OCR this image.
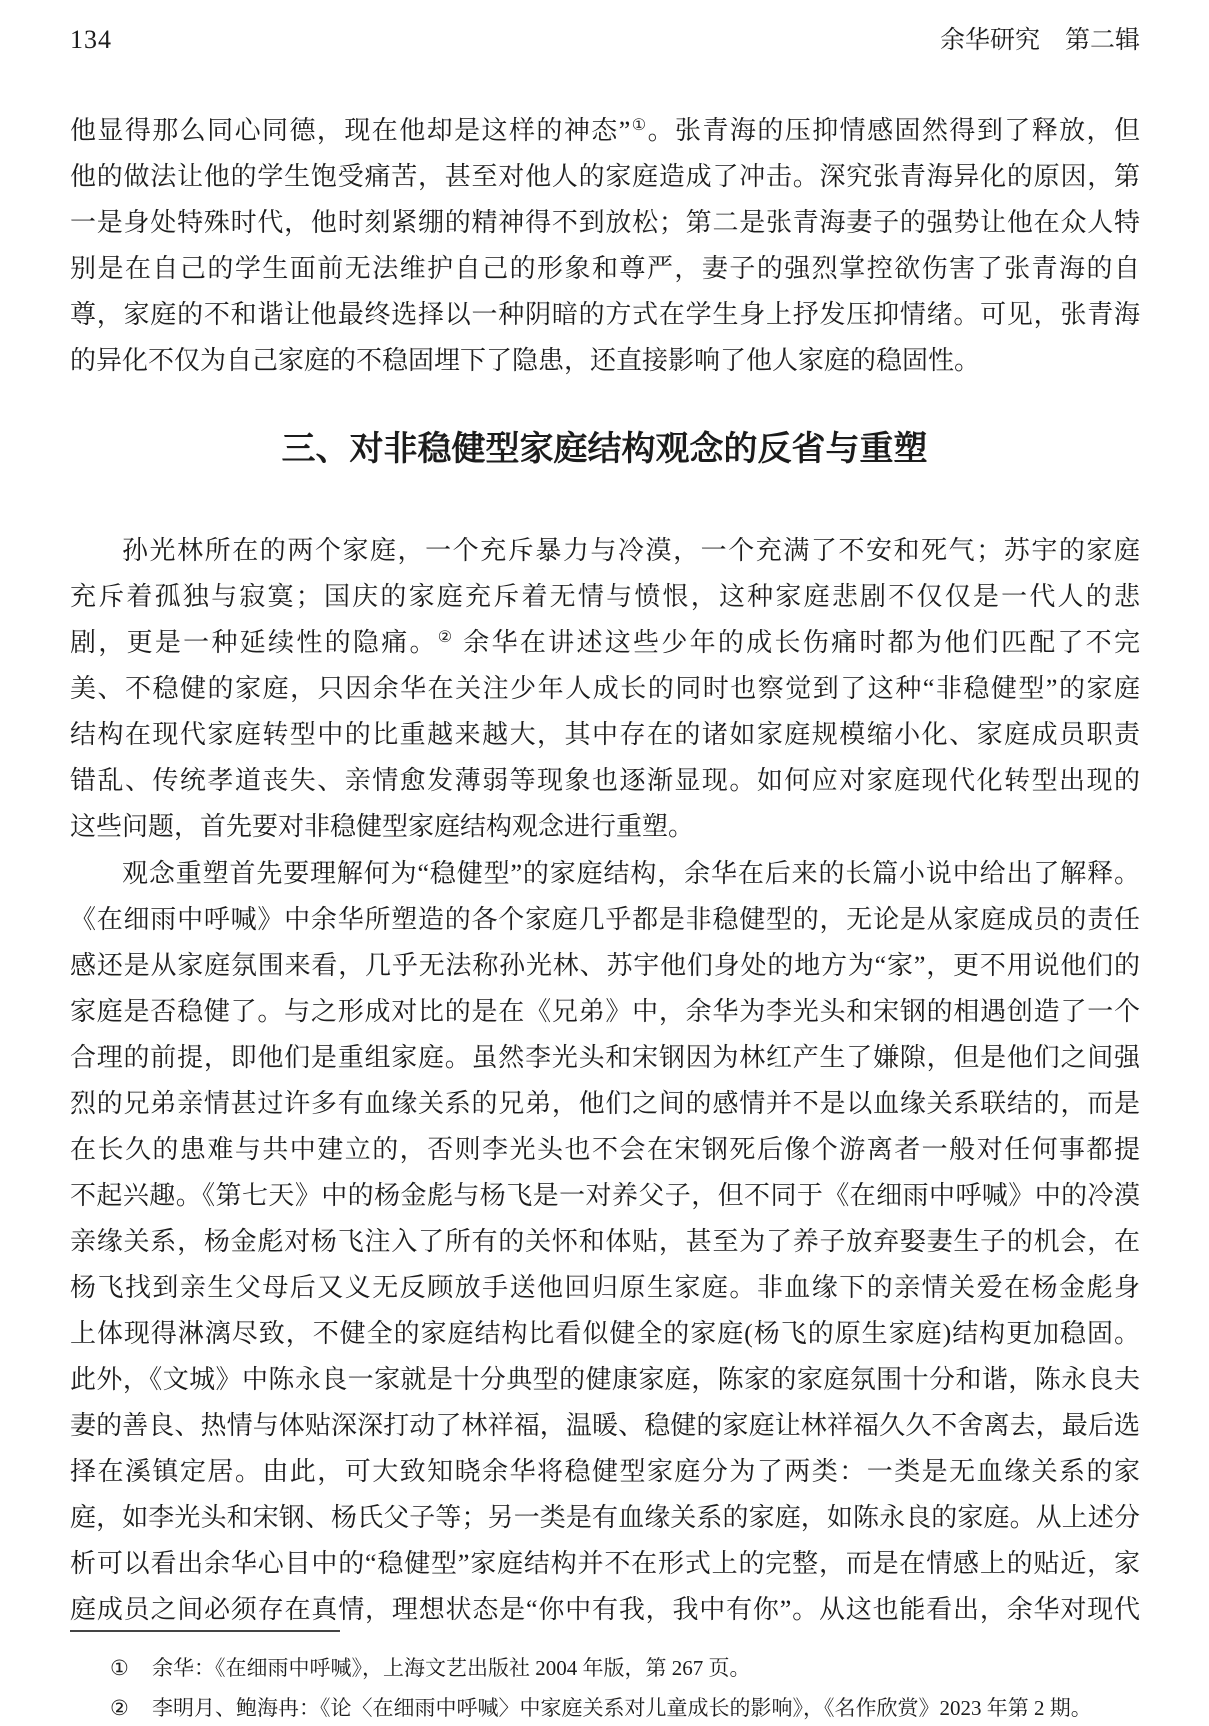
134	余华研究　第二辑
他显得那么同心同德，现在他却是这样的神态”①。张青海的压抑情感固然得到了释放，但
他的做法让他的学生饱受痛苦，甚至对他人的家庭造成了冲击。深究张青海异化的原因，第
一是身处特殊时代，他时刻紧绷的精神得不到放松；第二是张青海妻子的强势让他在众人特
别是在自己的学生面前无法维护自己的形象和尊严，妻子的强烈掌控欲伤害了张青海的自
尊，家庭的不和谐让他最终选择以一种阴暗的方式在学生身上抒发压抑情绪。可见，张青海
的异化不仅为自己家庭的不稳固埋下了隐患，还直接影响了他人家庭的稳固性。
三、对非稳健型家庭结构观念的反省与重塑
孙光林所在的两个家庭，一个充斥暴力与冷漠，一个充满了不安和死气；苏宇的家庭
充斥着孤独与寂寞；国庆的家庭充斥着无情与愤恨，这种家庭悲剧不仅仅是一代人的悲
剧，更是一种延续性的隐痛。② 余华在讲述这些少年的成长伤痛时都为他们匹配了不完
美、不稳健的家庭，只因余华在关注少年人成长的同时也察觉到了这种“非稳健型”的家庭
结构在现代家庭转型中的比重越来越大，其中存在的诸如家庭规模缩小化、家庭成员职责
错乱、传统孝道丧失、亲情愈发薄弱等现象也逐渐显现。如何应对家庭现代化转型出现的
这些问题，首先要对非稳健型家庭结构观念进行重塑。
观念重塑首先要理解何为“稳健型”的家庭结构，余华在后来的长篇小说中给出了解释。
《在细雨中呼喊》中余华所塑造的各个家庭几乎都是非稳健型的，无论是从家庭成员的责任
感还是从家庭氛围来看，几乎无法称孙光林、苏宇他们身处的地方为“家”，更不用说他们的
家庭是否稳健了。与之形成对比的是在《兄弟》中，余华为李光头和宋钢的相遇创造了一个
合理的前提，即他们是重组家庭。虽然李光头和宋钢因为林红产生了嫌隙，但是他们之间强
烈的兄弟亲情甚过许多有血缘关系的兄弟，他们之间的感情并不是以血缘关系联结的，而是
在长久的患难与共中建立的，否则李光头也不会在宋钢死后像个游离者一般对任何事都提
不起兴趣。《第七天》中的杨金彪与杨飞是一对养父子，但不同于《在细雨中呼喊》中的冷漠
亲缘关系，杨金彪对杨飞注入了所有的关怀和体贴，甚至为了养子放弃娶妻生子的机会，在
杨飞找到亲生父母后又义无反顾放手送他回归原生家庭。非血缘下的亲情关爱在杨金彪身
上体现得淋漓尽致，不健全的家庭结构比看似健全的家庭(杨飞的原生家庭)结构更加稳固。
此外，《文城》中陈永良一家就是十分典型的健康家庭，陈家的家庭氛围十分和谐，陈永良夫
妻的善良、热情与体贴深深打动了林祥福，温暖、稳健的家庭让林祥福久久不舍离去，最后选
择在溪镇定居。由此，可大致知晓余华将稳健型家庭分为了两类：一类是无血缘关系的家
庭，如李光头和宋钢、杨氏父子等；另一类是有血缘关系的家庭，如陈永良的家庭。从上述分
析可以看出余华心目中的“稳健型”家庭结构并不在形式上的完整，而是在情感上的贴近，家
庭成员之间必须存在真情，理想状态是“你中有我，我中有你”。从这也能看出，余华对现代
①	余华：《在细雨中呼喊》，上海文艺出版社 2004 年版，第 267 页。
②	李明月、鲍海冉：《论〈在细雨中呼喊〉中家庭关系对儿童成长的影响》，《名作欣赏》2023 年第 2 期。
